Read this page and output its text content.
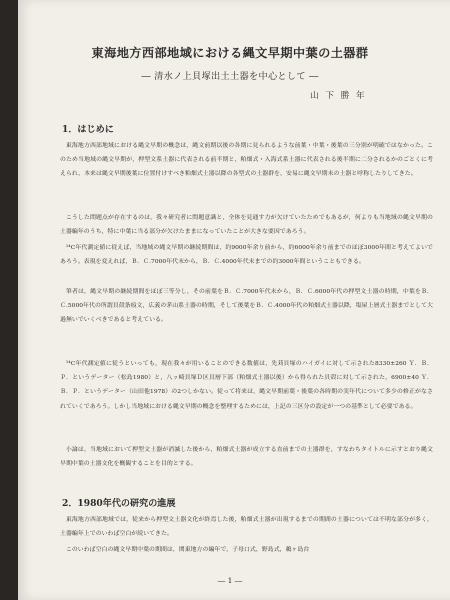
東海地方西部地域における縄文早期中葉の土器群
― 清水ノ上貝塚出土土器を中心として ―
山 下 勝 年
1．はじめに

東海地方西部地域における縄文早期の概念は，縄文前期以後の各期に見られるような前葉・中葉・後葉の三分別が明確ではなかった。このため当地域の縄文早期が，押型文系土器に代表される前半期と，粕畑式・入海式系土器に代表される後半期に二分されるかのごとくに考えられ，本来は縄文早期後葉に位置付けすべき粕畑式土器以降の各型式の土器群を，安易に縄文早期末の土器と呼称したりしてきた。

こうした問題点が存在するのは，我々研究者に問題意識と，全体を見通す力が欠けていたためでもあるが，何よりも当地域の縄文早期の土器編年のうち，特に中葉に当る部分が欠けたままになっていたことが大きな要因であろう。

¹⁴C年代測定値に従えば，当地域の縄文早期の継続期間は，約9000年余り前から，約6000年余り前までのほぼ3000年間と考えてよいであろう。表現を変えれば，Ｂ．Ｃ.7000年代末から，Ｂ．Ｃ.4000年代末までの約3000年間ということもできる。

筆者は，縄文早期の継続期間をほぼ三等分し，その前葉をＢ．Ｃ.7000年代末から，Ｂ．Ｃ.6000年代の押型文土器の時期，中葉をＢ．Ｃ.5000年代の所謂貝殻条痕文，広義の茅山系土器の時期，そして後葉をＢ．Ｃ.4000年代の粕畑式土器以降，塩屋上層式土器までとして大過無いでいくべきであると考えている。

¹⁴C年代測定値に従うといっても，現在我々が用いることのできる数値は，先苅貝塚のハイガイに対して示された8330±260 Ｙ．Ｂ．Ｐ．というデーター（松島1980）と，八ッ崎貝塚Ｄ区貝層下部（粕畑式土器以後）から得られた貝殻に対して示された，6900±40 Ｙ．Ｂ．Ｐ．というデーター（山田他1978）の2つしかない。従って将来は，縄文早期前葉・後葉の各時期の実年代について多少の修正がなされていくであろう。しかし当地域における縄文早期の概念を整理するためには，上記の三区分の設定が一つの基準として必要である。

小論は，当地域において押型文土器が消滅した後から，粕畑式土器が成立する直前までの土器群を，すなわちタイトルに示すとおり縄文早期中葉の土器文化を概観することを目的とする。

2．1980年代の研究の進展

東海地方西部地域では，従来から押型文土器文化が終焉した後，粕畑式土器が出現するまでの期間の土器については不明な部分が多く，土器編年上でのいわば空白が続いてきた。

このいわば空白の縄文早期中葉の期間は，関東地方の編年で，子母口式，野島式，鵜ヶ島台

― 1 ―
